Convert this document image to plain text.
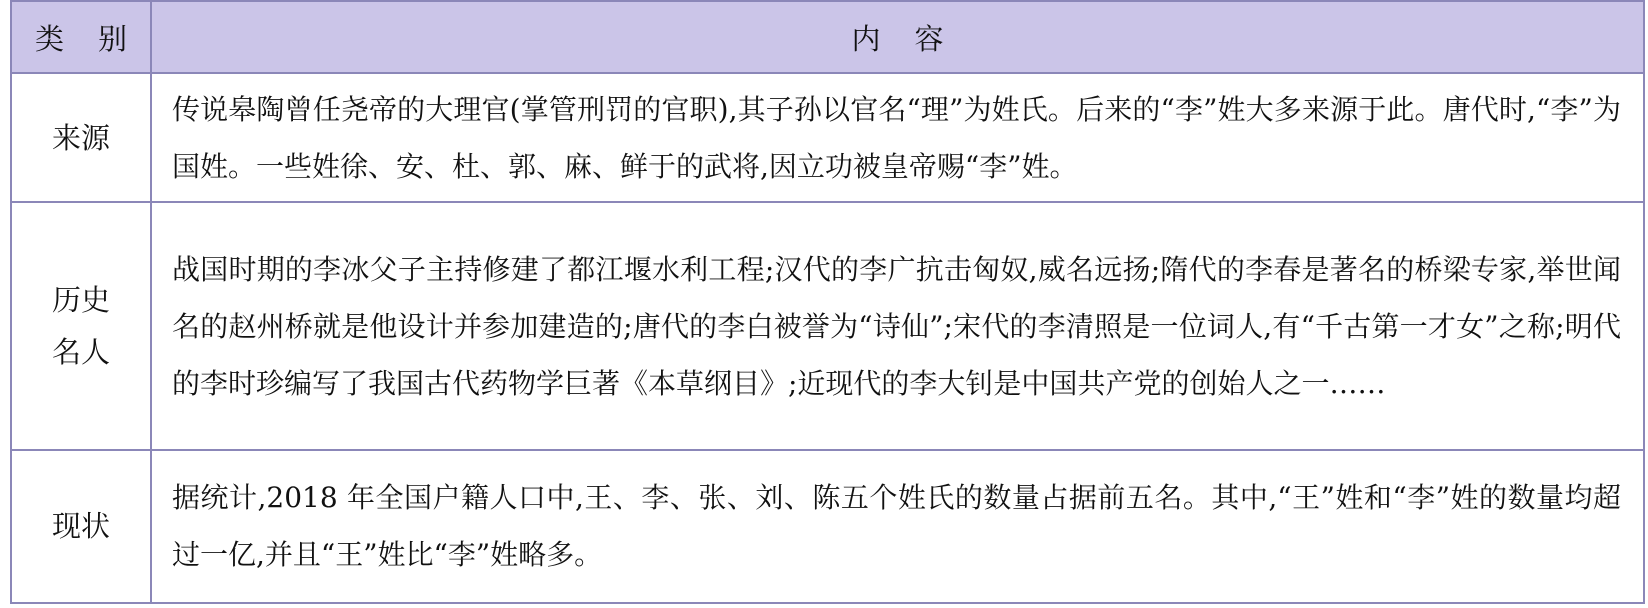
类别	内容
来源	传说皋陶曾任尧帝的大理官(掌管刑罚的官职),其子孙以官名“理”为姓氏。后来的“李”姓大多来源于此。唐代时,“李”为国姓。一些姓徐、安、杜、郭、麻、鲜于的武将,因立功被皇帝赐“李”姓。
历史名人	战国时期的李冰父子主持修建了都江堰水利工程;汉代的李广抗击匈奴,威名远扬;隋代的李春是著名的桥梁专家,举世闻名的赵州桥就是他设计并参加建造的;唐代的李白被誉为“诗仙”;宋代的李清照是一位词人,有“千古第一才女”之称;明代的李时珍编写了我国古代药物学巨著《本草纲目》;近现代的李大钊是中国共产党的创始人之一……
现状	据统计,2018 年全国户籍人口中,王、李、张、刘、陈五个姓氏的数量占据前五名。其中,“王”姓和“李”姓的数量均超过一亿,并且“王”姓比“李”姓略多。
